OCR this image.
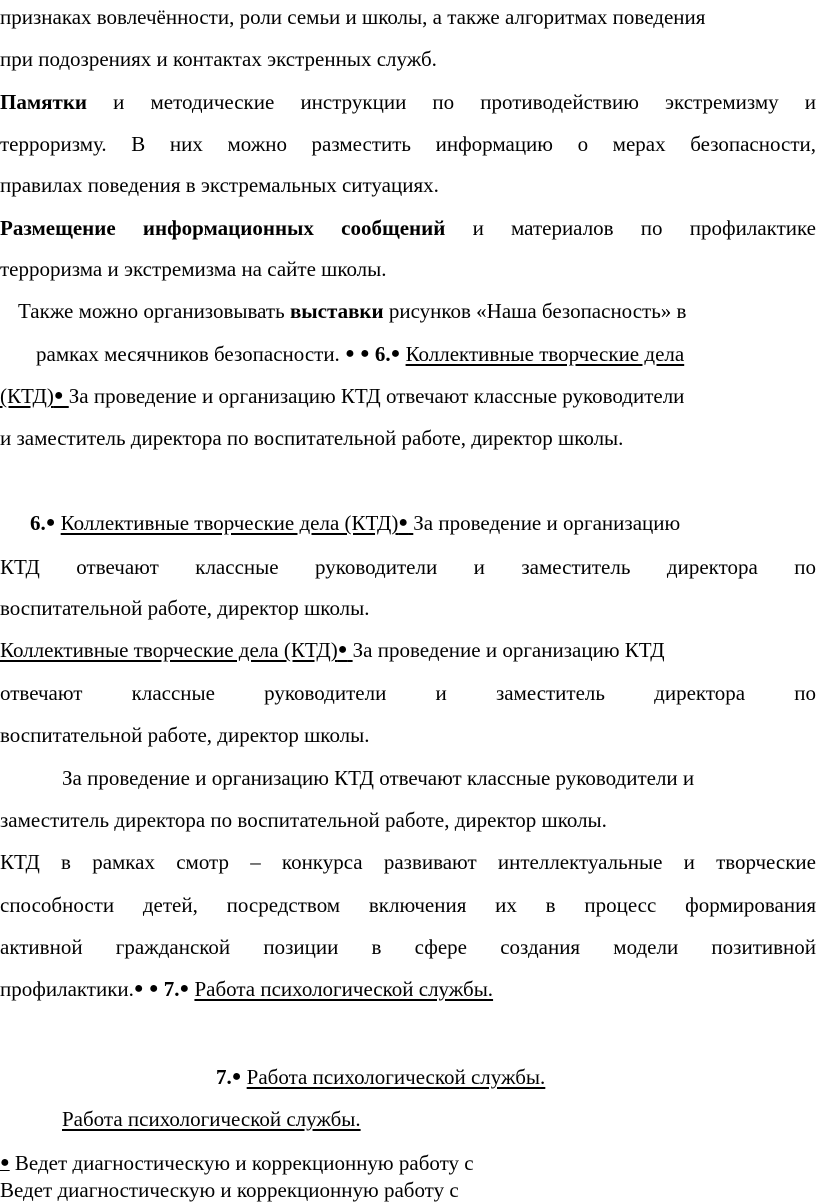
признаках вовлечённости, роли семьи и школы, а также алгоритмах поведения
при подозрениях и контактах экстренных служб.
Памятки и методические инструкции по противодействию экстремизму и
терроризму. В них можно разместить информацию о мерах безопасности,
правилах поведения в экстремальных ситуациях.
Размещение информационных сообщений и материалов по профилактике
терроризма и экстремизма на сайте школы.
Также можно организовывать выставки рисунков «Наша безопасность» в
рамках месячников безопасности. ● ● 6.● Коллективные творческие дела
(КТД)● За проведение и организацию КТД отвечают классные руководители
и заместитель директора по воспитательной работе, директор школы.
6.● Коллективные творческие дела (КТД)● За проведение и организацию
КТД отвечают классные руководители и заместитель директора по
воспитательной работе, директор школы.
Коллективные творческие дела (КТД)● За проведение и организацию КТД
отвечают классные руководители и заместитель директора по
воспитательной работе, директор школы.
За проведение и организацию КТД отвечают классные руководители и
заместитель директора по воспитательной работе, директор школы.
КТД в рамках смотр – конкурса развивают интеллектуальные и творческие
способности детей, посредством включения их в процесс формирования
активной гражданской позиции в сфере создания модели позитивной
профилактики.● ● 7.● Работа психологической службы.
7.● Работа психологической службы.
Работа психологической службы.
● Ведет диагностическую и коррекционную работу с
Ведет диагностическую и коррекционную работу с
